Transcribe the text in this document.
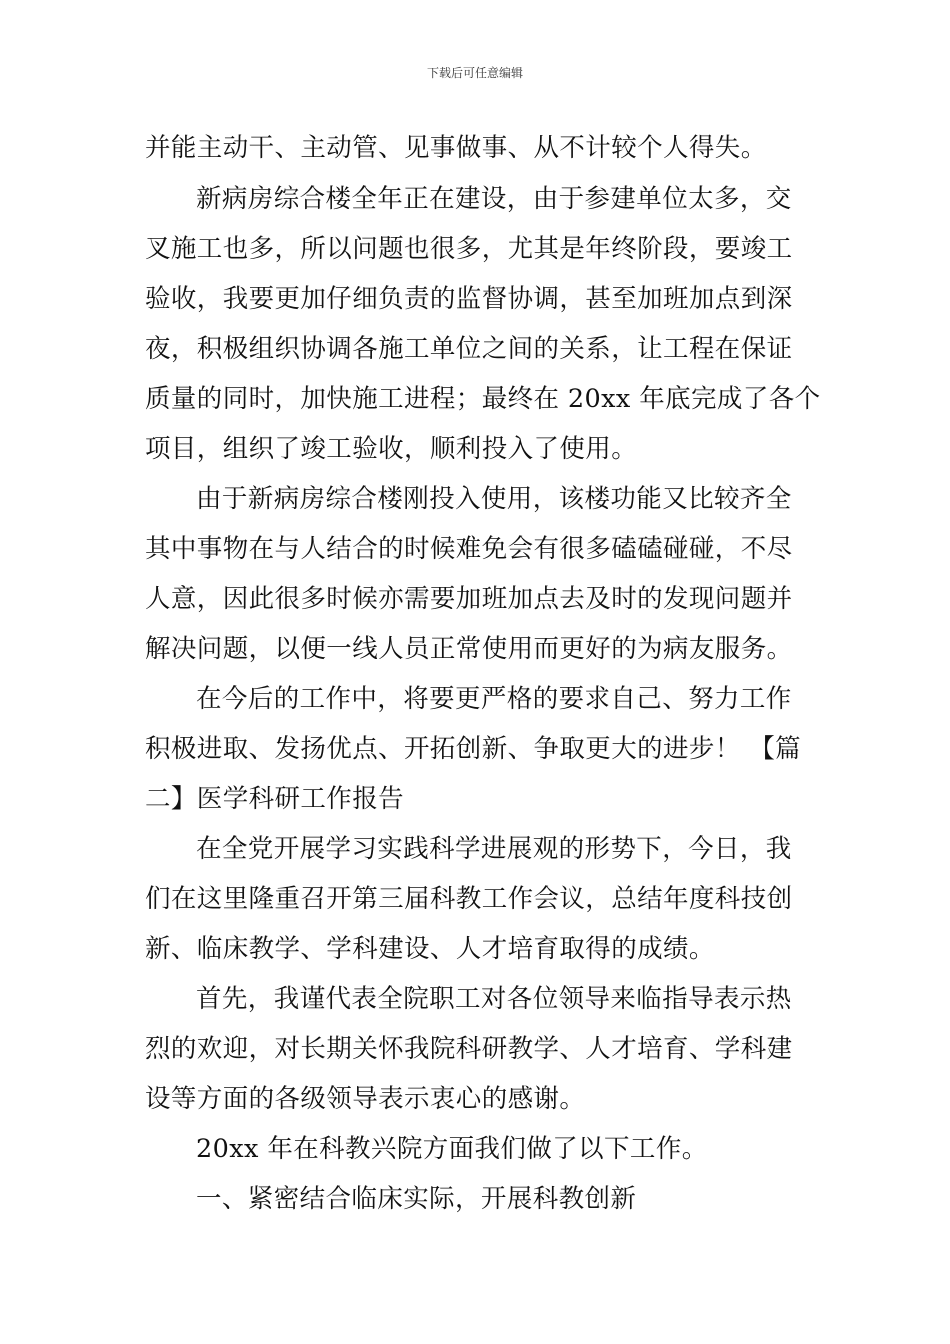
下载后可任意编辑

并能主动干、主动管、见事做事、从不计较个人得失。

新病房综合楼全年正在建设，由于参建单位太多，交

叉施工也多，所以问题也很多，尤其是年终阶段，要竣工

验收，我要更加仔细负责的监督协调，甚至加班加点到深

夜，积极组织协调各施工单位之间的关系，让工程在保证

质量的同时，加快施工进程；最终在 20xx 年底完成了各个

项目，组织了竣工验收，顺利投入了使用。

由于新病房综合楼刚投入使用，该楼功能又比较齐全

其中事物在与人结合的时候难免会有很多磕磕碰碰，不尽

人意，因此很多时候亦需要加班加点去及时的发现问题并

解决问题，以便一线人员正常使用而更好的为病友服务。

在今后的工作中，将要更严格的要求自己、努力工作

积极进取、发扬优点、开拓创新、争取更大的进步！ 【篇

二】医学科研工作报告

在全党开展学习实践科学进展观的形势下，今日，我

们在这里隆重召开第三届科教工作会议，总结年度科技创

新、临床教学、学科建设、人才培育取得的成绩。

首先，我谨代表全院职工对各位领导来临指导表示热

烈的欢迎，对长期关怀我院科研教学、人才培育、学科建

设等方面的各级领导表示衷心的感谢。

20xx 年在科教兴院方面我们做了以下工作。

一、紧密结合临床实际，开展科教创新
